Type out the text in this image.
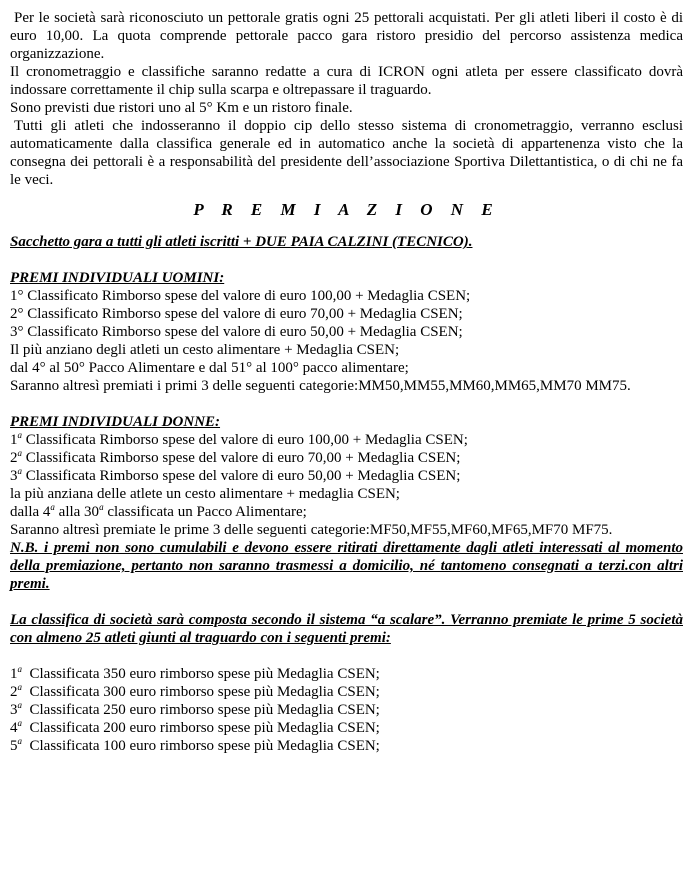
Per le società sarà riconosciuto un pettorale gratis ogni 25 pettorali acquistati. Per gli atleti liberi il costo è di euro 10,00. La quota comprende pettorale pacco gara ristoro presidio del percorso assistenza medica organizzazione.

Il cronometraggio e classifiche saranno redatte a cura di ICRON ogni atleta per essere classificato dovrà indossare correttamente il chip sulla scarpa e oltrepassare il traguardo.

Sono previsti due ristori uno al 5° Km e un ristoro finale.

Tutti gli atleti che indosseranno il doppio cip dello stesso sistema di cronometraggio, verranno esclusi automaticamente dalla classifica generale ed in automatico anche la società di appartenenza visto che la consegna dei pettorali è a responsabilità del presidente dell’associazione Sportiva Dilettantistica, o di chi ne fa le veci.

P R E M I A Z I O N E

Sacchetto gara a tutti gli atleti iscritti + DUE PAIA CALZINI (TECNICO).

PREMI INDIVIDUALI UOMINI:

1° Classificato Rimborso spese del valore di euro 100,00 + Medaglia CSEN;

2° Classificato Rimborso spese del valore di euro 70,00 + Medaglia CSEN;

3° Classificato Rimborso spese del valore di euro 50,00 + Medaglia CSEN;

Il più anziano degli atleti un cesto alimentare + Medaglia CSEN;

dal 4° al 50° Pacco Alimentare e dal 51° al 100° pacco alimentare;

Saranno altresì premiati i primi 3 delle seguenti categorie:MM50,MM55,MM60,MM65,MM70 MM75.

PREMI INDIVIDUALI DONNE:

1$^a$ Classificata Rimborso spese del valore di euro 100,00 + Medaglia CSEN;

2$^a$ Classificata Rimborso spese del valore di euro 70,00 + Medaglia CSEN;

3$^a$ Classificata Rimborso spese del valore di euro 50,00 + Medaglia CSEN;

la più anziana delle atlete un cesto alimentare + medaglia CSEN;

dalla 4$^a$ alla 30$^a$ classificata un Pacco Alimentare;

Saranno altresì premiate le prime 3 delle seguenti categorie:MF50,MF55,MF60,MF65,MF70 MF75.

N.B. i premi non sono cumulabili e devono essere ritirati direttamente dagli atleti interessati al momento della premiazione, pertanto non saranno trasmessi a domicilio, né tantomeno consegnati a terzi.con altri premi.

La classifica di società sarà composta secondo il sistema “a scalare”. Verranno premiate le prime 5 società con almeno 25 atleti giunti al traguardo con i seguenti premi:

1$^a$  Classificata 350 euro rimborso spese più Medaglia CSEN;

2$^a$  Classificata 300 euro rimborso spese più Medaglia CSEN;

3$^a$  Classificata 250 euro rimborso spese più Medaglia CSEN;

4$^a$  Classificata 200 euro rimborso spese più Medaglia CSEN;

5$^a$  Classificata 100 euro rimborso spese più Medaglia CSEN;
